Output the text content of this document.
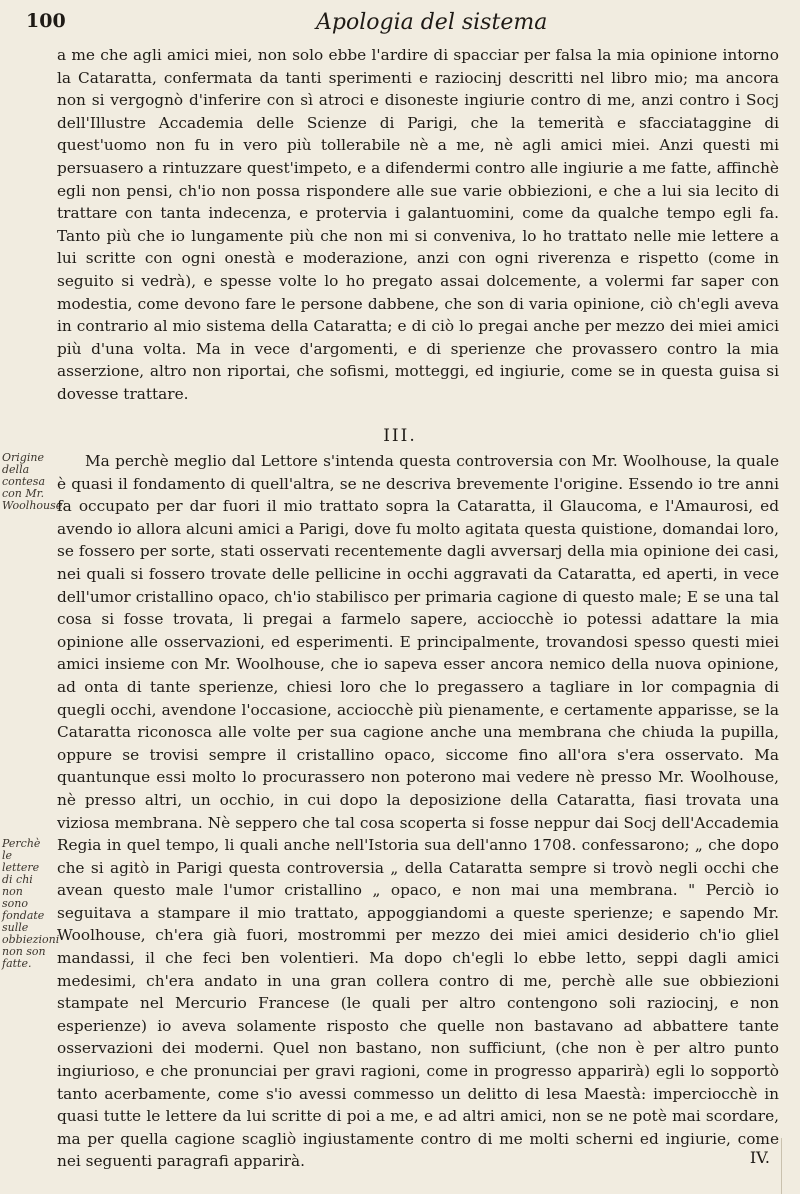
100	Apologia del sistema

a me che agli amici miei, non solo ebbe l'ardire di spacciar per falsa la mia opinione intorno la Cataratta, confermata da tanti sperimenti e raziocinj descritti nel libro mio; ma ancora non si vergognò d'inferire con sì atroci e disoneste ingiurie contro di me, anzi contro i Socj dell'Illustre Accademia delle Scienze di Parigi, che la temerità e sfacciataggine di quest'uomo non fu in vero più tollerabile nè a me, nè agli amici miei. Anzi questi mi persuasero a rintuzzare quest'impeto, e a difendermi contro alle ingiurie a me fatte, affinchè egli non pensi, ch'io non possa rispondere alle sue varie obbiezioni, e che a lui sia lecito di trattare con tanta indecenza, e protervia i galantuomini, come da qualche tempo egli fa. Tanto più che io lungamente più che non mi si conveniva, lo ho trattato nelle mie lettere a lui scritte con ogni onestà e moderazione, anzi con ogni riverenza e rispetto (come in seguito si vedrà), e spesse volte lo ho pregato assai dolcemente, a volermi far saper con modestia, come devono fare le persone dabbene, che son di varia opinione, ciò ch'egli aveva in contrario al mio sistema della Cataratta; e di ciò lo pregai anche per mezzo dei miei amici più d'una volta. Ma in vece d'argomenti, e di sperienze che provassero contro la mia asserzione, altro non riportai, che sofismi, motteggi, ed ingiurie, come se in questa guisa si dovesse trattare.

III.
Origine della contesa con Mr. Woolhouse.
Perchè le lettere di chi non sono fondate sulle obbiezioni non son fatte.

Ma perchè meglio dal Lettore s'intenda questa controversia con Mr. Woolhouse, la quale è quasi il fondamento di quell'altra, se ne descriva brevemente l'origine. Essendo io tre anni fa occupato per dar fuori il mio trattato sopra la Cataratta, il Glaucoma, e l'Amaurosi, ed avendo io allora alcuni amici a Parigi, dove fu molto agitata questa quistione, domandai loro, se fossero per sorte, stati osservati recentemente dagli avversarj della mia opinione dei casi, nei quali si fossero trovate delle pellicine in occhi aggravati da Cataratta, ed aperti, in vece dell'umor cristallino opaco, ch'io stabilisco per primaria cagione di questo male; E se una tal cosa si fosse trovata, li pregai a farmelo sapere, acciocchè io potessi adattare la mia opinione alle osservazioni, ed esperimenti. E principalmente, trovandosi spesso questi miei amici insieme con Mr. Woolhouse, che io sapeva esser ancora nemico della nuova opinione, ad onta di tante sperienze, chiesi loro che lo pregassero a tagliare in lor compagnia di quegli occhi, avendone l'occasione, acciocchè più pienamente, e certamente apparisse, se la Cataratta riconosca alle volte per sua cagione anche una membrana che chiuda la pupilla, oppure se trovisi sempre il cristallino opaco, siccome fino all'ora s'era osservato. Ma quantunque essi molto lo procurassero non poterono mai vedere nè presso Mr. Woolhouse, nè presso altri, un occhio, in cui dopo la deposizione della Cataratta, fiasi trovata una viziosa membrana. Nè seppero che tal cosa scoperta si fosse neppur dai Socj dell'Accademia Regia in quel tempo, li quali anche nell'Istoria sua dell'anno 1708. confessarono; „ che dopo che si agitò in Parigi questa controversia „ della Cataratta sempre si trovò negli occhi che avean questo male l'umor cristallino „ opaco, e non mai una membrana. " Perciò io seguitava a stampare il mio trattato, appoggiandomi a queste sperienze; e sapendo Mr. Woolhouse, ch'era già fuori, mostrommi per mezzo dei miei amici desiderio ch'io gliel mandassi, il che feci ben volentieri. Ma dopo ch'egli lo ebbe letto, seppi dagli amici medesimi, ch'era andato in una gran collera contro di me, perchè alle sue obbiezioni stampate nel Mercurio Francese (le quali per altro contengono soli raziocinj, e non esperienze) io aveva solamente risposto che quelle non bastavano ad abbattere tante osservazioni dei moderni. Quel non bastano, non sufficiunt, (che non è per altro punto ingiurioso, e che pronunciai per gravi ragioni, come in progresso apparirà) egli lo sopportò tanto acerbamente, come s'io avessi commesso un delitto di lesa Maestà: imperciocchè in quasi tutte le lettere da lui scritte di poi a me, e ad altri amici, non se ne potè mai scordare, ma per quella cagione scagliò ingiustamente contro di me molti scherni ed ingiurie, come nei seguenti paragrafi apparirà.	IV.
